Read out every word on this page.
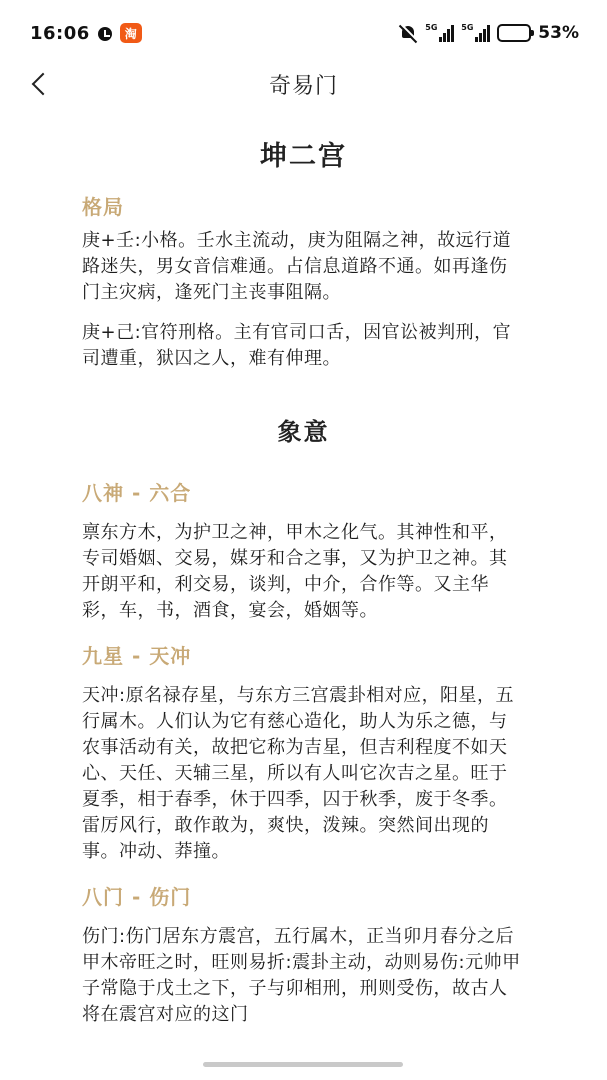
16:06	淘	5G	5G	53%
奇易门
坤二宫
格局
庚+壬:小格。壬水主流动，庚为阻隔之神，故远行道路迷失，男女音信难通。占信息道路不通。如再逢伤门主灾病，逢死门主丧事阻隔。
庚+己:官符刑格。主有官司口舌，因官讼被判刑，官司遭重，狱囚之人，难有伸理。
象意
八神 - 六合
禀东方木，为护卫之神，甲木之化气。其神性和平，专司婚姻、交易，媒牙和合之事，又为护卫之神。其开朗平和，利交易，谈判，中介，合作等。又主华彩，车，书，酒食，宴会，婚姻等。
九星 - 天冲
天冲:原名禄存星，与东方三宫震卦相对应，阳星，五行属木。人们认为它有慈心造化，助人为乐之德，与农事活动有关，故把它称为吉星，但吉利程度不如天心、天任、天辅三星，所以有人叫它次吉之星。旺于夏季，相于春季，休于四季，囚于秋季，废于冬季。雷厉风行，敢作敢为，爽快，泼辣。突然间出现的事。冲动、莽撞。
八门 - 伤门
伤门:伤门居东方震宫，五行属木，正当卯月春分之后甲木帝旺之时，旺则易折:震卦主动，动则易伤:元帅甲子常隐于戊土之下，子与卯相刑，刑则受伤，故古人将在震宫对应的这门
